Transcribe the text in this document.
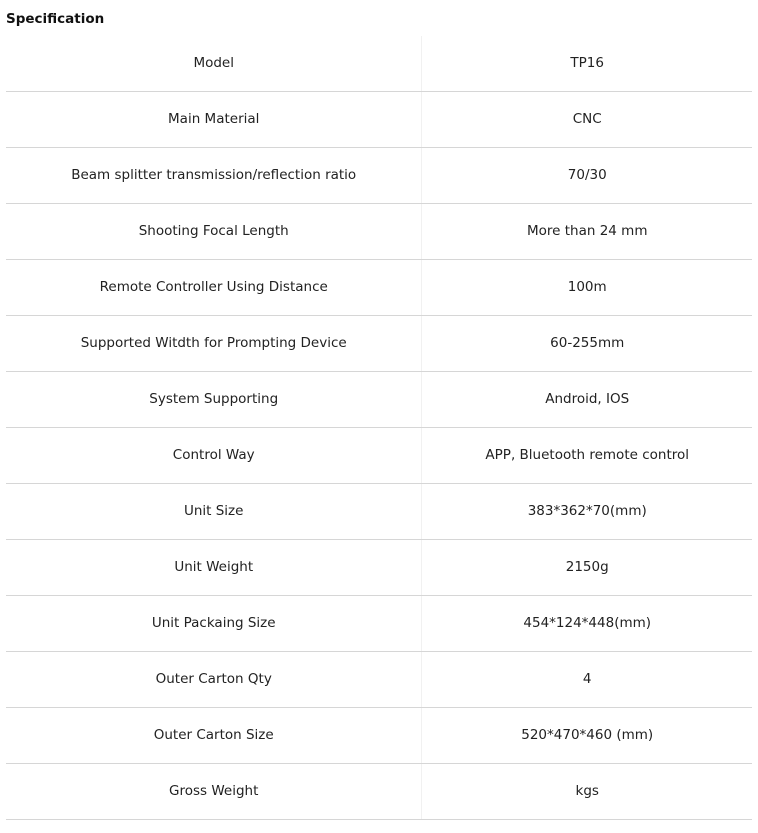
Specification
Model	TP16
Main Material	CNC
Beam splitter transmission/reflection ratio	70/30
Shooting Focal Length	More than 24 mm
Remote Controller Using Distance	100m
Supported Witdth for Prompting Device	60-255mm
System Supporting	Android, IOS
Control Way	APP, Bluetooth remote control
Unit Size	383*362*70(mm)
Unit Weight	2150g
Unit Packaing Size	454*124*448(mm)
Outer Carton Qty	4
Outer Carton Size	520*470*460 (mm)
Gross Weight	kgs
